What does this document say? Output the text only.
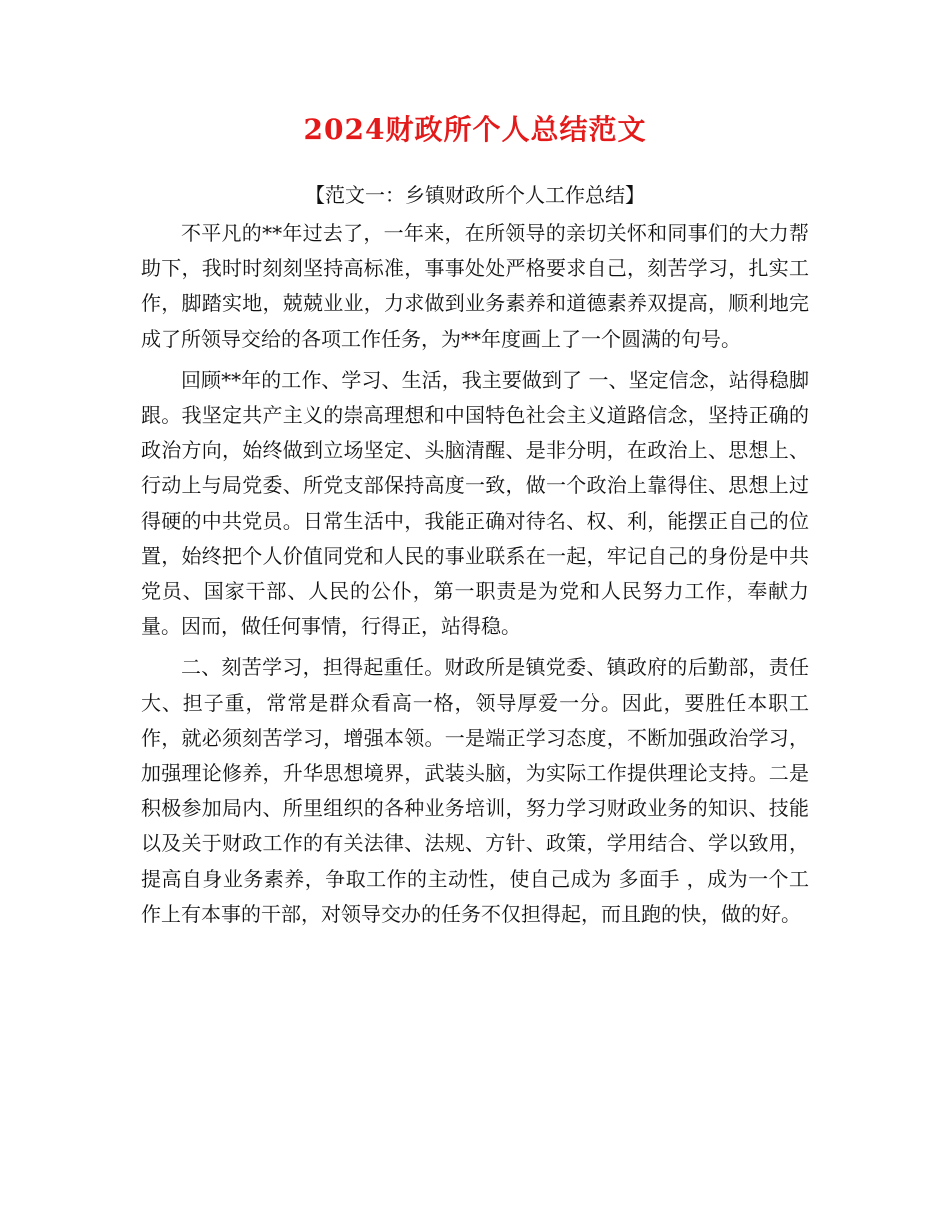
2024财政所个人总结范文

【范文一：乡镇财政所个人工作总结】

不平凡的**年过去了，一年来，在所领导的亲切关怀和同事们的大力帮助下，我时时刻刻坚持高标准，事事处处严格要求自己，刻苦学习，扎实工作，脚踏实地，兢兢业业，力求做到业务素养和道德素养双提高，顺利地完成了所领导交给的各项工作任务，为**年度画上了一个圆满的句号。

回顾**年的工作、学习、生活，我主要做到了 一、坚定信念，站得稳脚跟。我坚定共产主义的崇高理想和中国特色社会主义道路信念，坚持正确的政治方向，始终做到立场坚定、头脑清醒、是非分明，在政治上、思想上、行动上与局党委、所党支部保持高度一致，做一个政治上靠得住、思想上过得硬的中共党员。日常生活中，我能正确对待名、权、利，能摆正自己的位置，始终把个人价值同党和人民的事业联系在一起，牢记自己的身份是中共党员、国家干部、人民的公仆，第一职责是为党和人民努力工作，奉献力量。因而，做任何事情，行得正，站得稳。

二、刻苦学习，担得起重任。财政所是镇党委、镇政府的后勤部，责任大、担子重，常常是群众看高一格，领导厚爱一分。因此，要胜任本职工作，就必须刻苦学习，增强本领。一是端正学习态度，不断加强政治学习，加强理论修养，升华思想境界，武装头脑，为实际工作提供理论支持。二是积极参加局内、所里组织的各种业务培训，努力学习财政业务的知识、技能以及关于财政工作的有关法律、法规、方针、政策，学用结合、学以致用，提高自身业务素养，争取工作的主动性，使自己成为 多面手 ，成为一个工作上有本事的干部，对领导交办的任务不仅担得起，而且跑的快，做的好。
